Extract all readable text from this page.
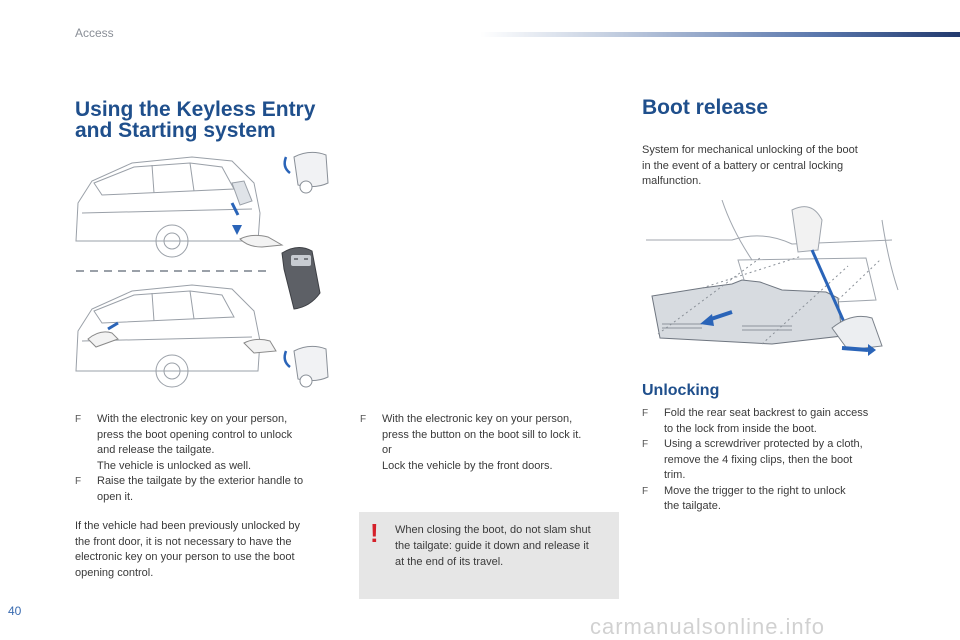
Access
Using the Keyless Entry
and Starting system
F	With the electronic key on your person,
press the boot opening control to unlock
and release the tailgate.
The vehicle is unlocked as well.
F	Raise the tailgate by the exterior handle to
open it.
If the vehicle had been previously unlocked by
the front door, it is not necessary to have the
electronic key on your person to use the boot
opening control.
F	With the electronic key on your person,
press the button on the boot sill to lock it.
or
Lock the vehicle by the front doors.
! When closing the boot, do not slam shut
the tailgate: guide it down and release it
at the end of its travel.
Boot release
System for mechanical unlocking of the boot
in the event of a battery or central locking
malfunction.
Unlocking
F	Fold the rear seat backrest to gain access
to the lock from inside the boot.
F	Using a screwdriver protected by a cloth,
remove the 4 fixing clips, then the boot
trim.
F	Move the trigger to the right to unlock
the tailgate.
40
carmanualsonline.info
